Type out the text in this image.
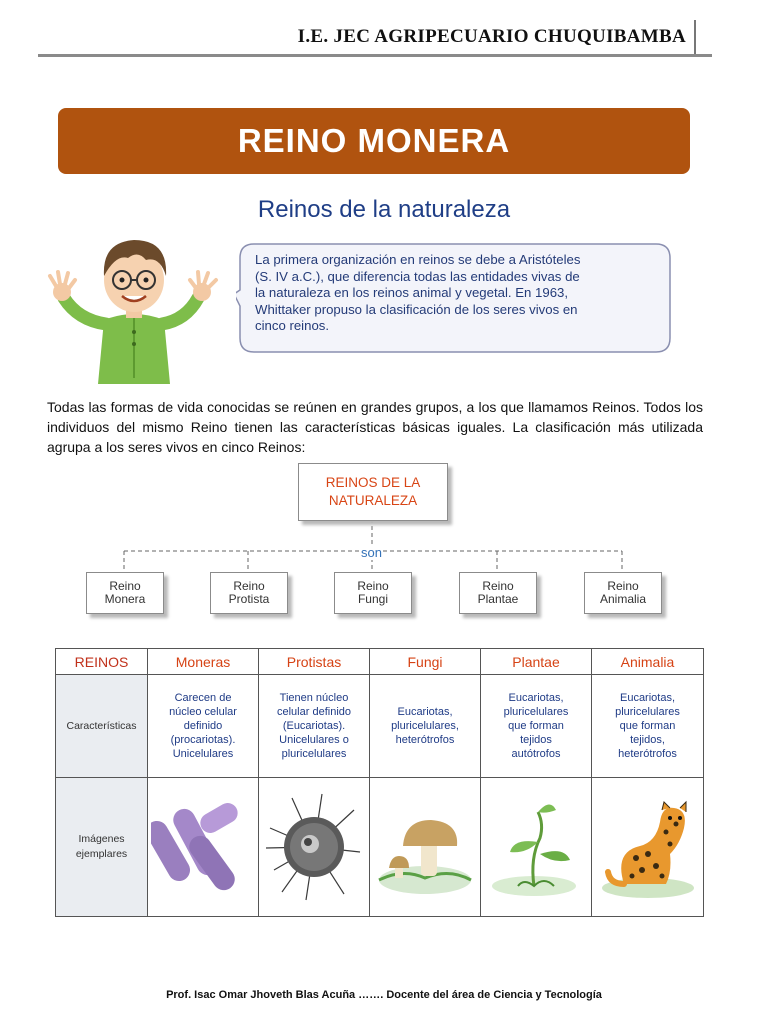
I.E. JEC AGRIPECUARIO CHUQUIBAMBA
REINO MONERA
Reinos de la naturaleza
La primera organización en reinos se debe a Aristóteles
(S. IV a.C.), que diferencia todas las entidades vivas de
la naturaleza en los reinos animal y vegetal. En 1963,
Whittaker propuso la clasificación de los seres vivos en
cinco reinos.
Todas las formas de vida conocidas se reúnen en grandes grupos, a los que llamamos Reinos. Todos los individuos del mismo Reino tienen las características básicas iguales. La clasificación más utilizada agrupa a los seres vivos en cinco Reinos:
REINOS DE LA
NATURALEZA
son
Reino
Monera
Reino
Protista
Reino
Fungi
Reino
Plantae
Reino
Animalia
REINOS	Moneras	Protistas	Fungi	Plantae	Animalia
Características	Carecen de núcleo celular definido (procariotas). Unicelulares	Tienen núcleo celular definido (Eucariotas). Unicelulares o pluricelulares	Eucariotas, pluricelulares, heterótrofos	Eucariotas, pluricelulares que forman tejidos autótrofos	Eucariotas, pluricelulares que forman tejidos, heterótrofos

Imágenes
ejemplares

Prof. Isac Omar Jhoveth Blas Acuña ……. Docente del área de Ciencia y Tecnología
